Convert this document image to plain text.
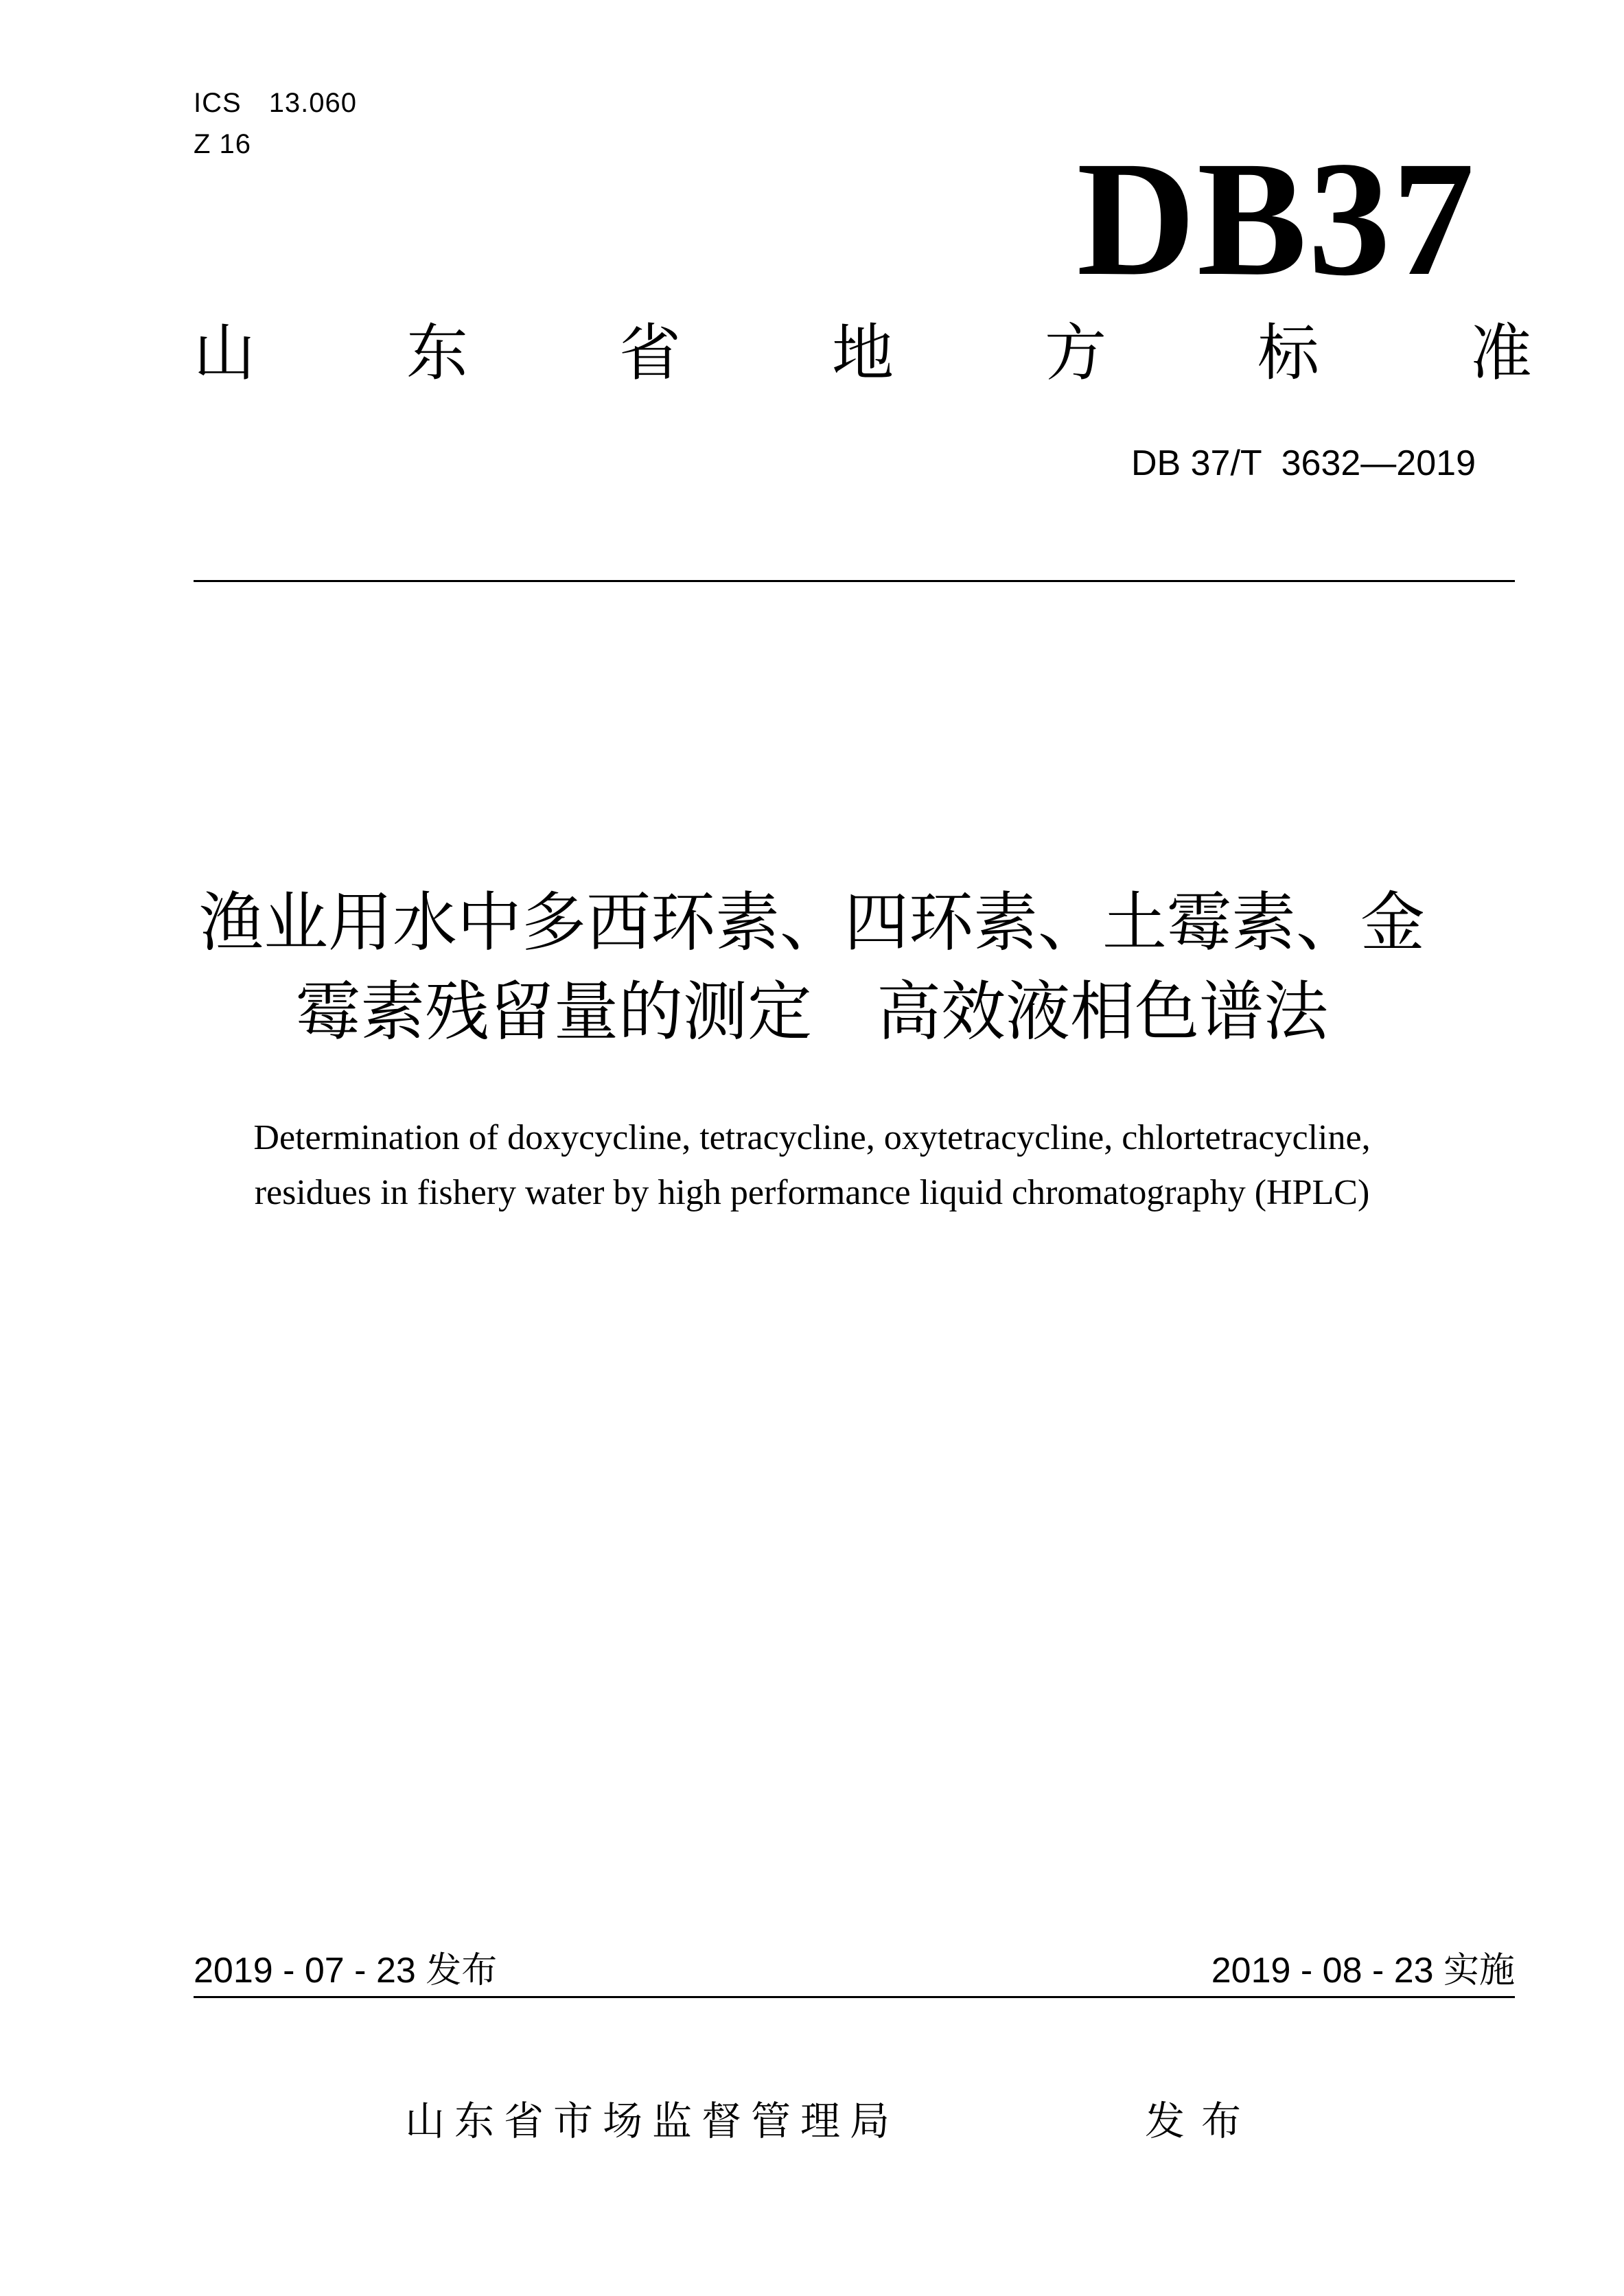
ICS 13.060
Z 16	DB37
山 东 省 地 方 标 准
DB 37/T  3632—2019
渔业用水中多西环素、四环素、土霉素、金
霉素残留量的测定　高效液相色谱法
Determination of doxycycline, tetracycline, oxytetracycline, chlortetracycline,
residues in fishery water by high performance liquid chromatography (HPLC)
2019 - 07 - 23 发布	2019 - 08 - 23 实施
山东省市场监督管理局	发布
